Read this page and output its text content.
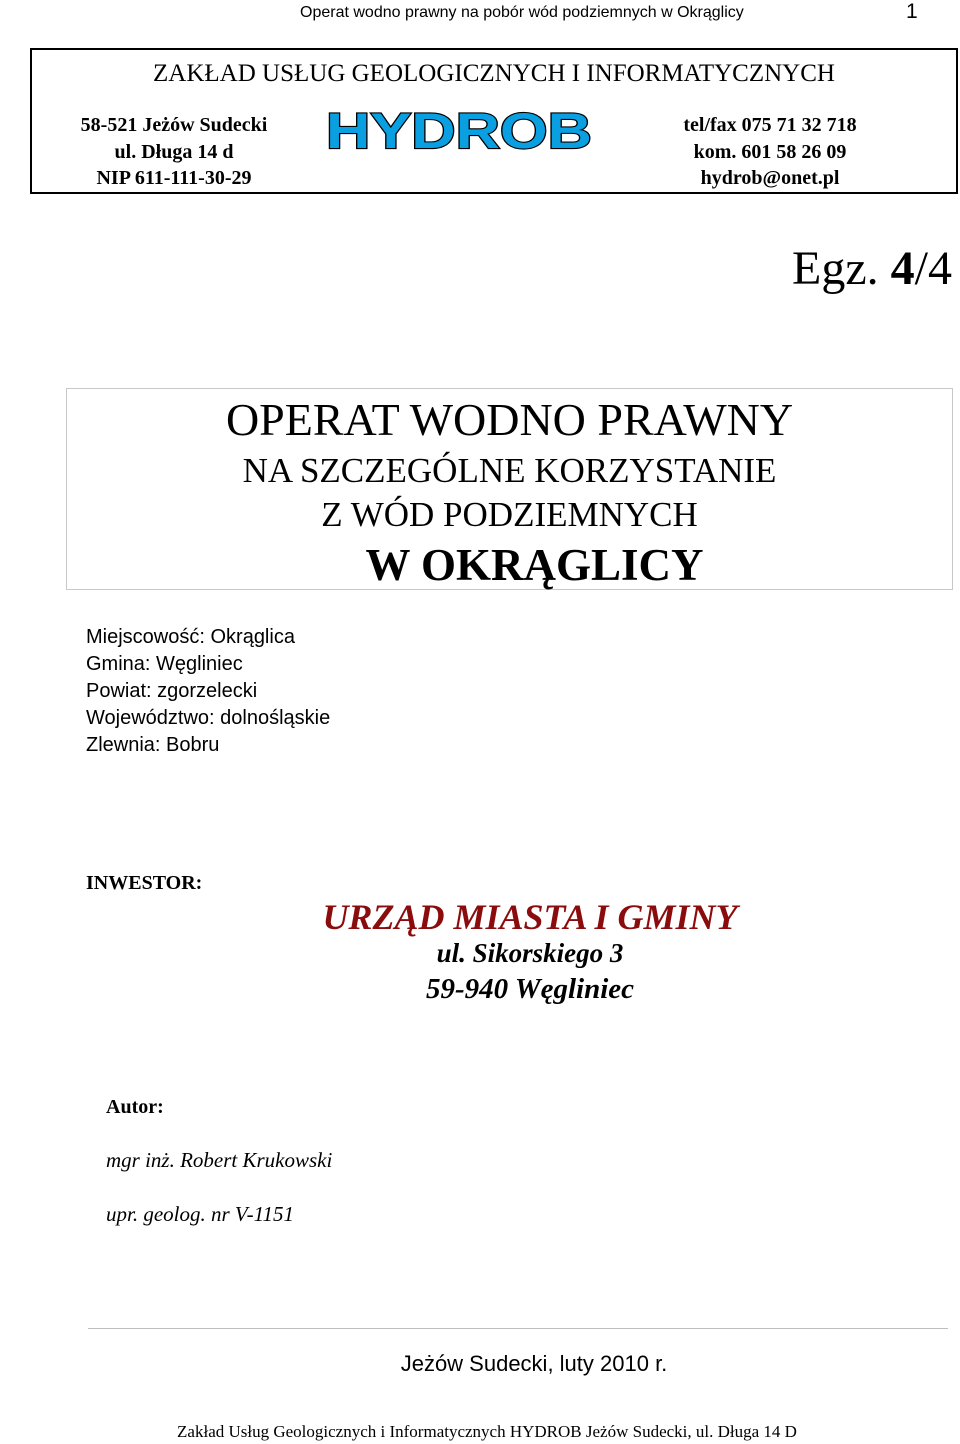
Operat wodno prawny na pobór wód podziemnych w Okrąglicy	1
ZAKŁAD USŁUG GEOLOGICZNYCH I INFORMATYCZNYCH
58-521 Jeżów Sudecki
ul. Długa 14 d
NIP 611-111-30-29
HYDROB	tel/fax 075 71 32 718
kom. 601 58 26 09
hydrob@onet.pl
Egz. 4/4
OPERAT WODNO PRAWNY
NA SZCZEGÓLNE KORZYSTANIE
Z WÓD PODZIEMNYCH
W OKRĄGLICY
Miejscowość: Okrąglica
Gmina: Węgliniec
Powiat: zgorzelecki
Województwo: dolnośląskie
Zlewnia: Bobru
INWESTOR:
URZĄD MIASTA I GMINY
ul. Sikorskiego 3
59-940 Węgliniec
Autor:
mgr inż. Robert Krukowski
upr. geolog. nr V-1151
Jeżów Sudecki, luty 2010 r.
Zakład Usług Geologicznych i Informatycznych HYDROB Jeżów Sudecki, ul. Długa 14 D
